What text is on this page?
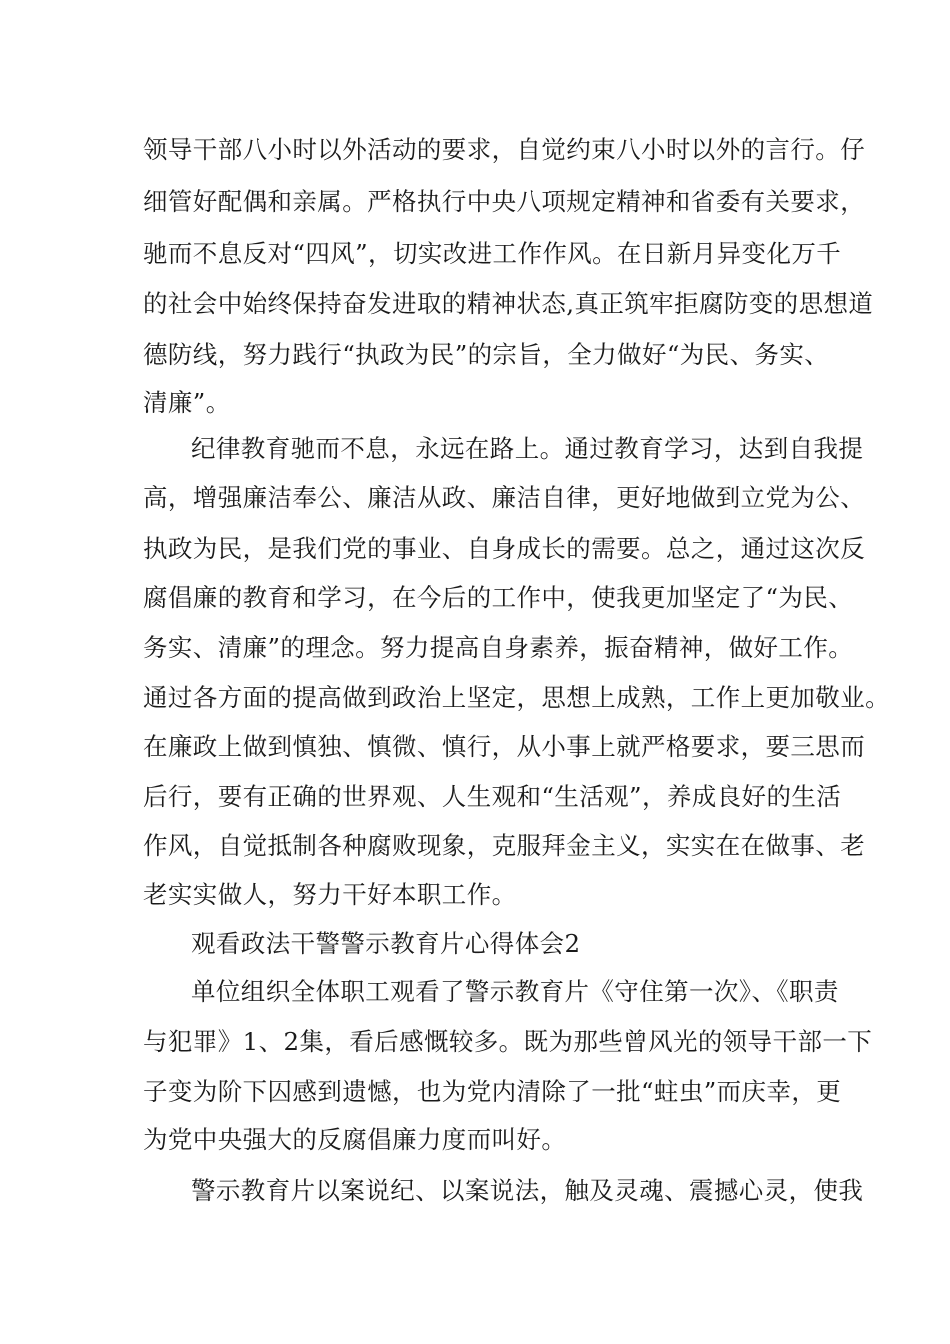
领导干部八小时以外活动的要求，自觉约束八小时以外的言行。仔
细管好配偶和亲属。严格执行中央八项规定精神和省委有关要求，
驰而不息反对“四风”，切实改进工作作风。在日新月异变化万千
的社会中始终保持奋发进取的精神状态,真正筑牢拒腐防变的思想道
德防线，努力践行“执政为民”的宗旨，全力做好“为民、务实、
清廉”。
纪律教育驰而不息，永远在路上。通过教育学习，达到自我提
高，增强廉洁奉公、廉洁从政、廉洁自律，更好地做到立党为公、
执政为民，是我们党的事业、自身成长的需要。总之，通过这次反
腐倡廉的教育和学习，在今后的工作中，使我更加坚定了“为民、
务实、清廉”的理念。努力提高自身素养，振奋精神，做好工作。
通过各方面的提高做到政治上坚定，思想上成熟，工作上更加敬业。
在廉政上做到慎独、慎微、慎行，从小事上就严格要求，要三思而
后行，要有正确的世界观、人生观和“生活观”，养成良好的生活
作风，自觉抵制各种腐败现象，克服拜金主义，实实在在做事、老
老实实做人，努力干好本职工作。
观看政法干警警示教育片心得体会2
单位组织全体职工观看了警示教育片《守住第一次》、《职责
与犯罪》1、2集，看后感慨较多。既为那些曾风光的领导干部一下
子变为阶下囚感到遗憾，也为党内清除了一批“蛀虫”而庆幸，更
为党中央强大的反腐倡廉力度而叫好。
警示教育片以案说纪、以案说法，触及灵魂、震撼心灵，使我
